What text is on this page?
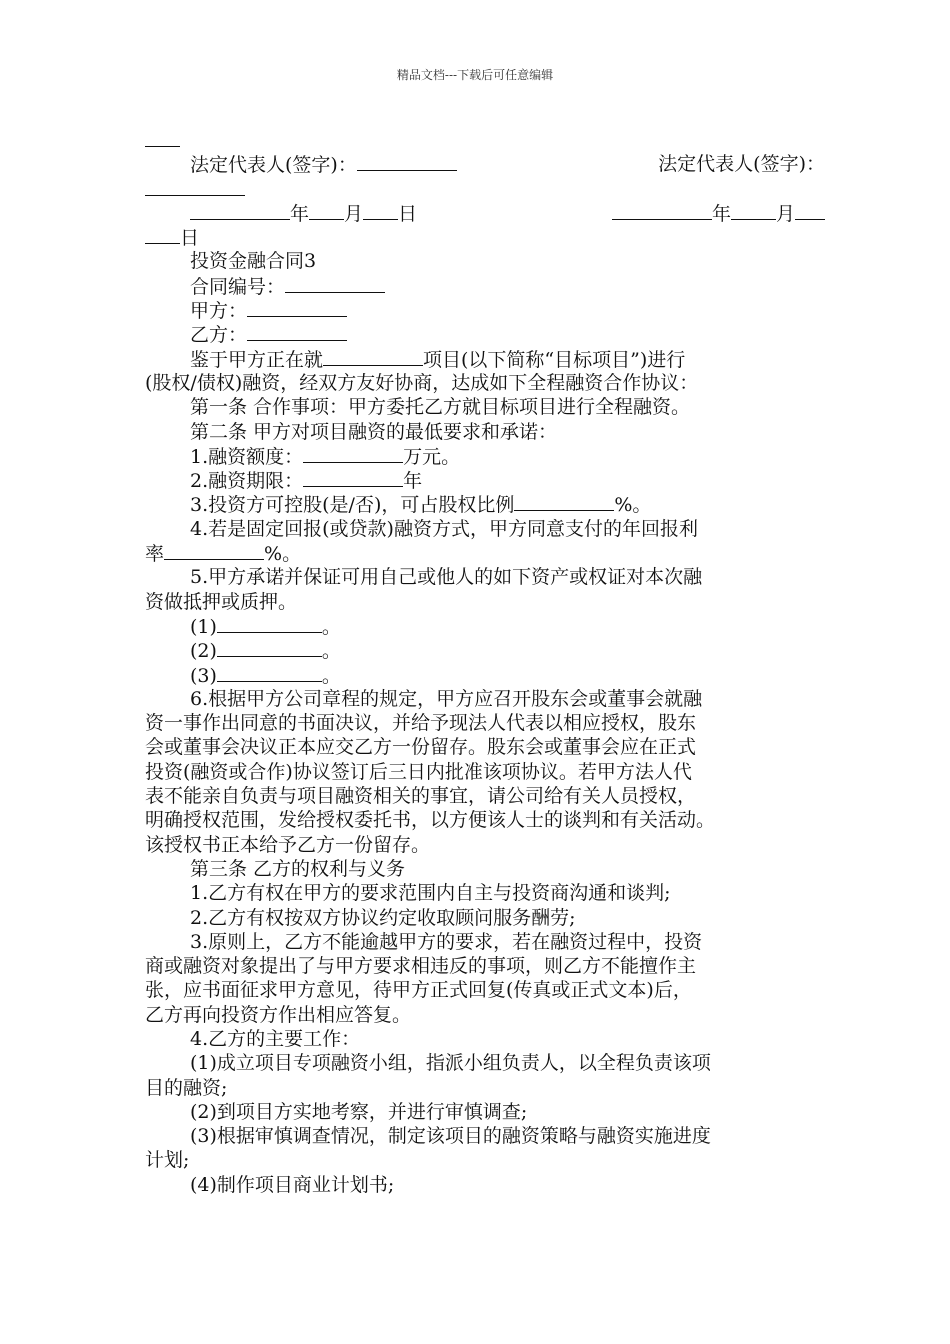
精品文档---下载后可任意编辑
法定代表人(签字)：	法定代表人(签字)：
年 月 日	年 月
日
投资金融合同3
合同编号：
甲方：
乙方：
鉴于甲方正在就	项目(以下简称“目标项目”)进行
(股权/债权)融资，经双方友好协商，达成如下全程融资合作协议：
第一条 合作事项：甲方委托乙方就目标项目进行全程融资。
第二条 甲方对项目融资的最低要求和承诺：
1.融资额度：	万元。
2.融资期限：	年
3.投资方可控股(是/否)，可占股权比例	%。
4.若是固定回报(或贷款)融资方式，甲方同意支付的年回报利
率	%。
5.甲方承诺并保证可用自己或他人的如下资产或权证对本次融
资做抵押或质押。
(1)	。
(2)	。
(3)	。
6.根据甲方公司章程的规定，甲方应召开股东会或董事会就融
资一事作出同意的书面决议，并给予现法人代表以相应授权，股东
会或董事会决议正本应交乙方一份留存。股东会或董事会应在正式
投资(融资或合作)协议签订后三日内批准该项协议。若甲方法人代
表不能亲自负责与项目融资相关的事宜，请公司给有关人员授权，
明确授权范围，发给授权委托书，以方便该人士的谈判和有关活动。
该授权书正本给予乙方一份留存。
第三条 乙方的权利与义务
1.乙方有权在甲方的要求范围内自主与投资商沟通和谈判;
2.乙方有权按双方协议约定收取顾问服务酬劳;
3.原则上，乙方不能逾越甲方的要求，若在融资过程中，投资
商或融资对象提出了与甲方要求相违反的事项，则乙方不能擅作主
张，应书面征求甲方意见，待甲方正式回复(传真或正式文本)后，
乙方再向投资方作出相应答复。
4.乙方的主要工作：
(1)成立项目专项融资小组，指派小组负责人，以全程负责该项
目的融资;
(2)到项目方实地考察，并进行审慎调查;
(3)根据审慎调查情况，制定该项目的融资策略与融资实施进度
计划;
(4)制作项目商业计划书;
